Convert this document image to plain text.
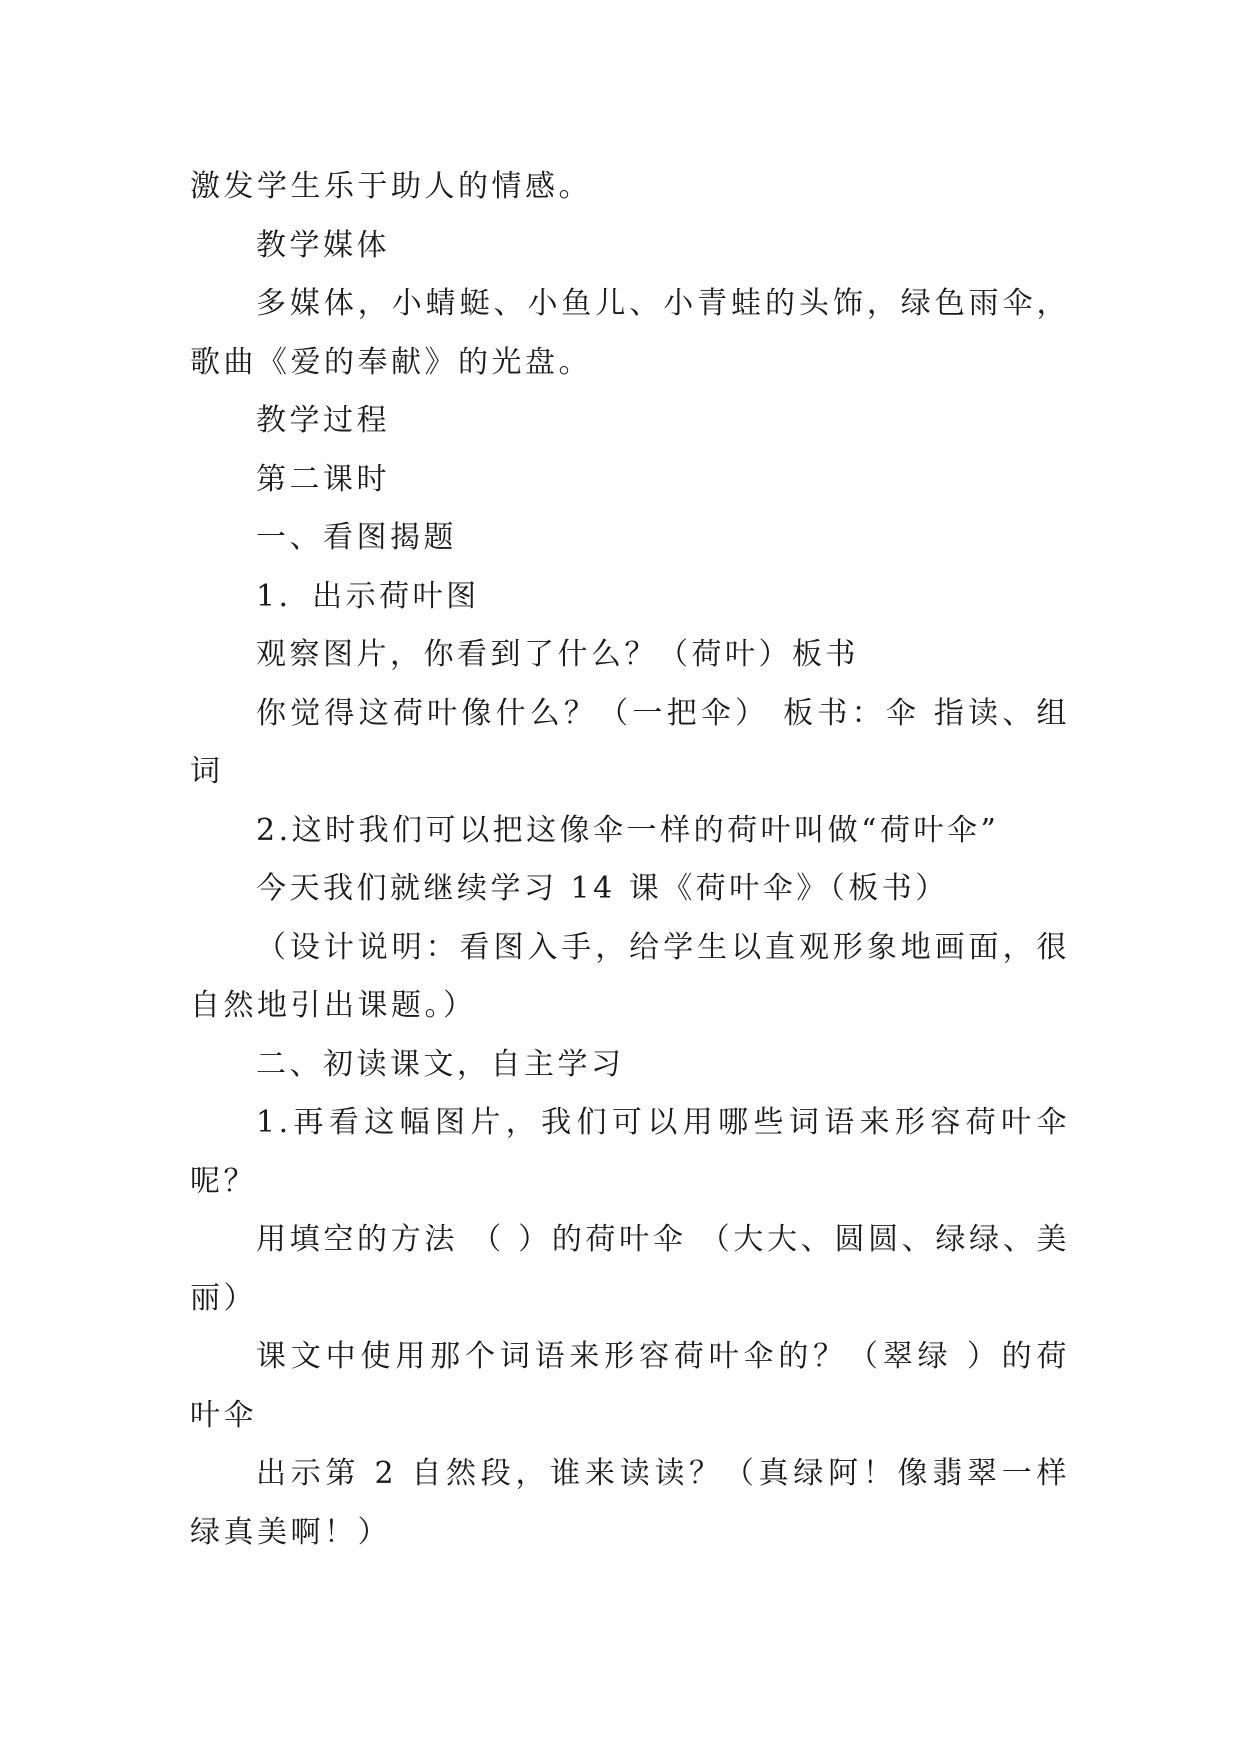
激发学生乐于助人的情感。

教学媒体

多媒体，小蜻蜓、小鱼儿、小青蛙的头饰，绿色雨伞，歌曲《爱的奉献》的光盘。

教学过程

第二课时

一、看图揭题

1．出示荷叶图

观察图片，你看到了什么？（荷叶）板书

你觉得这荷叶像什么？（一把伞） 板书：伞 指读、组词

2.这时我们可以把这像伞一样的荷叶叫做“荷叶伞”

今天我们就继续学习 14 课《荷叶伞》（板书）

（设计说明：看图入手，给学生以直观形象地画面，很自然地引出课题。）

二、初读课文，自主学习

1.再看这幅图片，我们可以用哪些词语来形容荷叶伞呢？

用填空的方法 （ ）的荷叶伞 （大大、圆圆、绿绿、美丽）

课文中使用那个词语来形容荷叶伞的？（翠绿 ）的荷叶伞

出示第 2 自然段，谁来读读？（真绿阿！像翡翠一样绿真美啊！）
